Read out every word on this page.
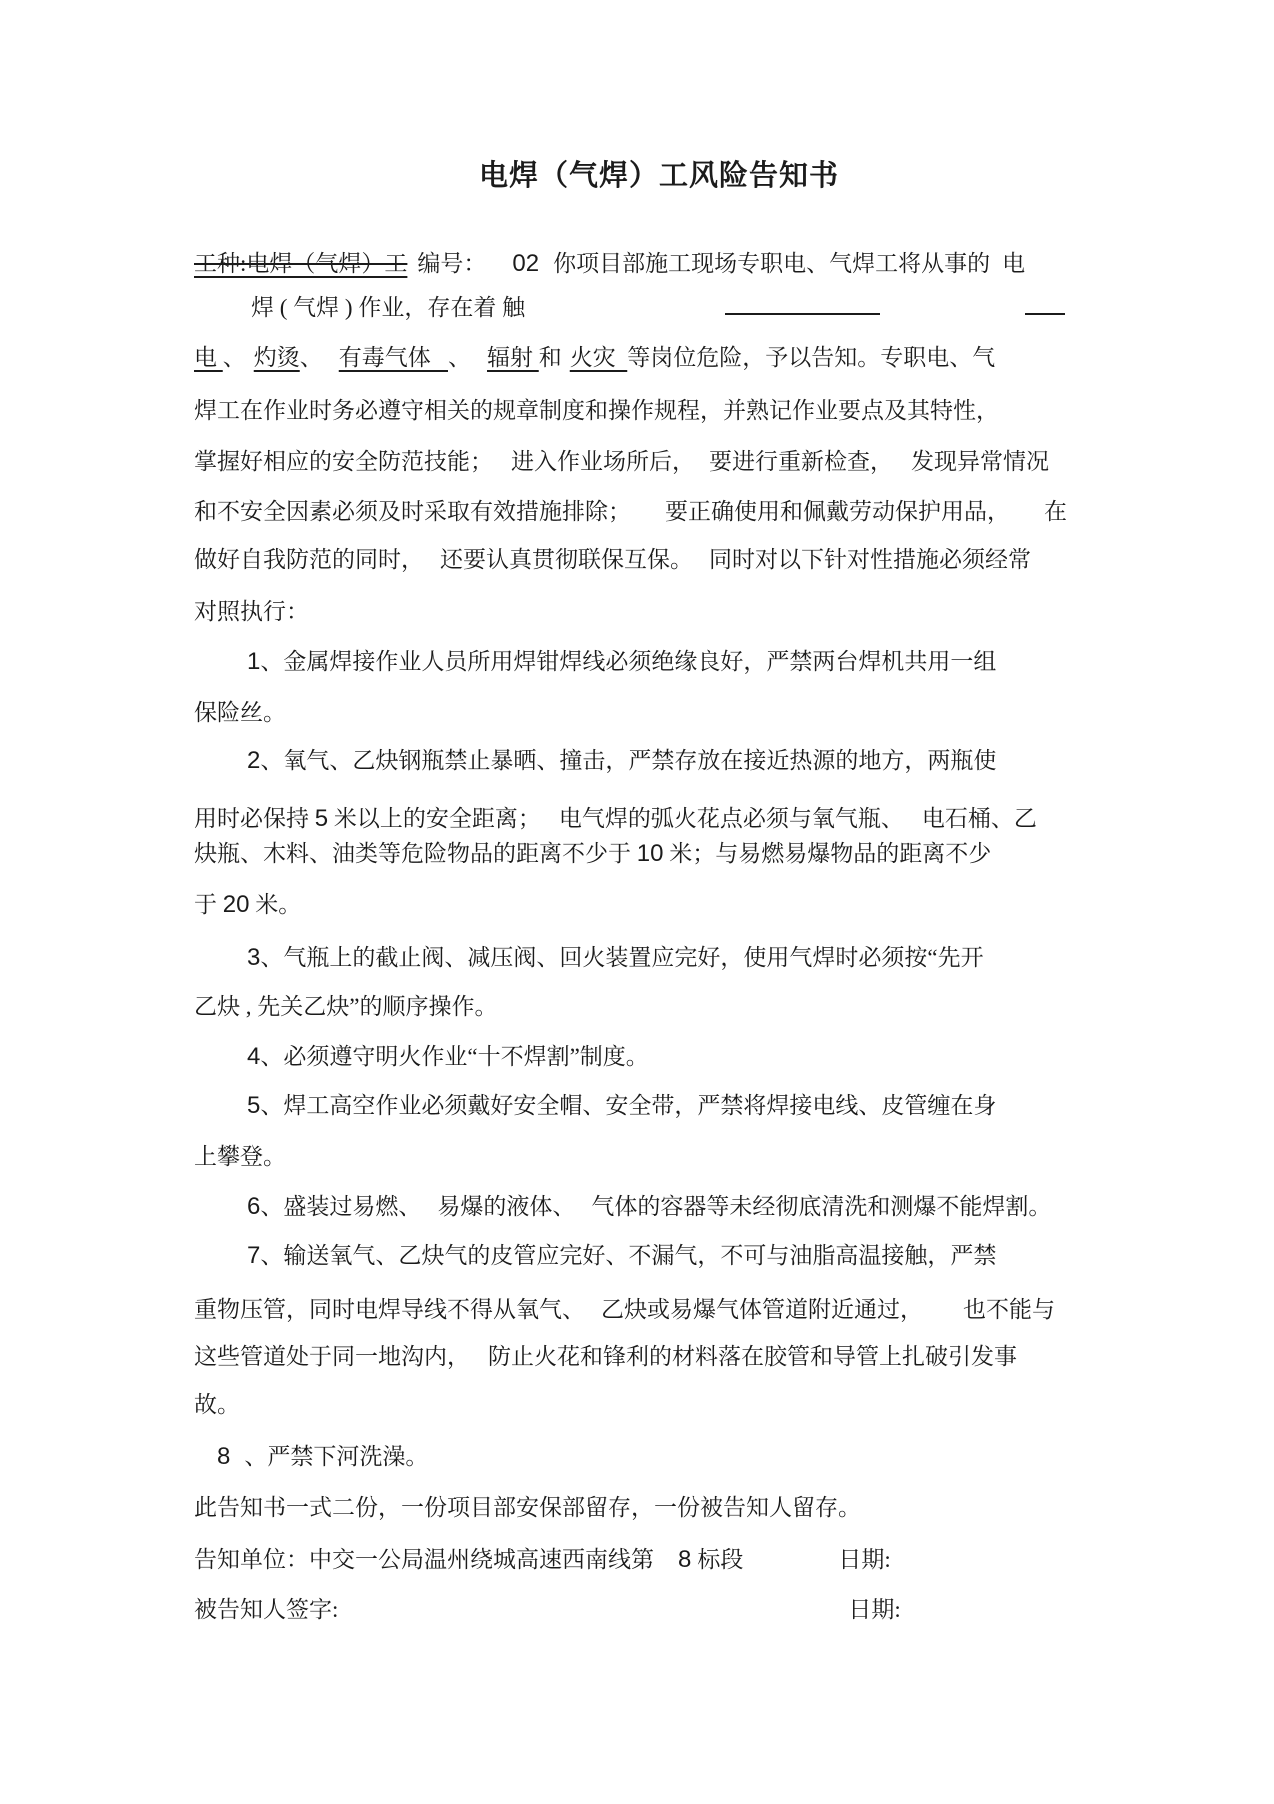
电焊（气焊）工风险告知书
工种:电焊（气焊）工 编号： 02 你项目部施工现场专职电、气焊工将从事的 电
焊 ( 气焊 ) 作业，存在着 触
电 、 灼烫、 有毒气体   、 辐射 和 火灾  等岗位危险，予以告知。专职电、气
焊工在作业时务必遵守相关的规章制度和操作规程，并熟记作业要点及其特性，
掌握好相应的安全防范技能； 进入作业场所后， 要进行重新检查， 发现异常情况
和不安全因素必须及时采取有效措施排除； 要正确使用和佩戴劳动保护用品， 在
做好自我防范的同时， 还要认真贯彻联保互保。 同时对以下针对性措施必须经常
对照执行：
1、金属焊接作业人员所用焊钳焊线必须绝缘良好，严禁两台焊机共用一组
保险丝。
2、氧气、乙炔钢瓶禁止暴晒、撞击，严禁存放在接近热源的地方，两瓶使
用时必保持 5 米以上的安全距离； 电气焊的弧火花点必须与氧气瓶、 电石桶、乙
炔瓶、木料、油类等危险物品的距离不少于 10 米；与易燃易爆物品的距离不少
于 20 米。
3、气瓶上的截止阀、减压阀、回火装置应完好，使用气焊时必须按“先开
乙炔 , 先关乙炔”的顺序操作。
4、必须遵守明火作业“十不焊割”制度。
5、焊工高空作业必须戴好安全帽、安全带，严禁将焊接电线、皮管缠在身
上攀登。
6、盛装过易燃、 易爆的液体、 气体的容器等未经彻底清洗和测爆不能焊割。
7、输送氧气、乙炔气的皮管应完好、不漏气，不可与油脂高温接触，严禁
重物压管，同时电焊导线不得从氧气、 乙炔或易爆气体管道附近通过， 也不能与
这些管道处于同一地沟内， 防止火花和锋利的材料落在胶管和导管上扎破引发事
故。
8 、严禁下河洗澡。
此告知书一式二份，一份项目部安保部留存，一份被告知人留存。
告知单位：中交一公局温州绕城高速西南线第 8 标段	日期:
被告知人签字:	日期:
